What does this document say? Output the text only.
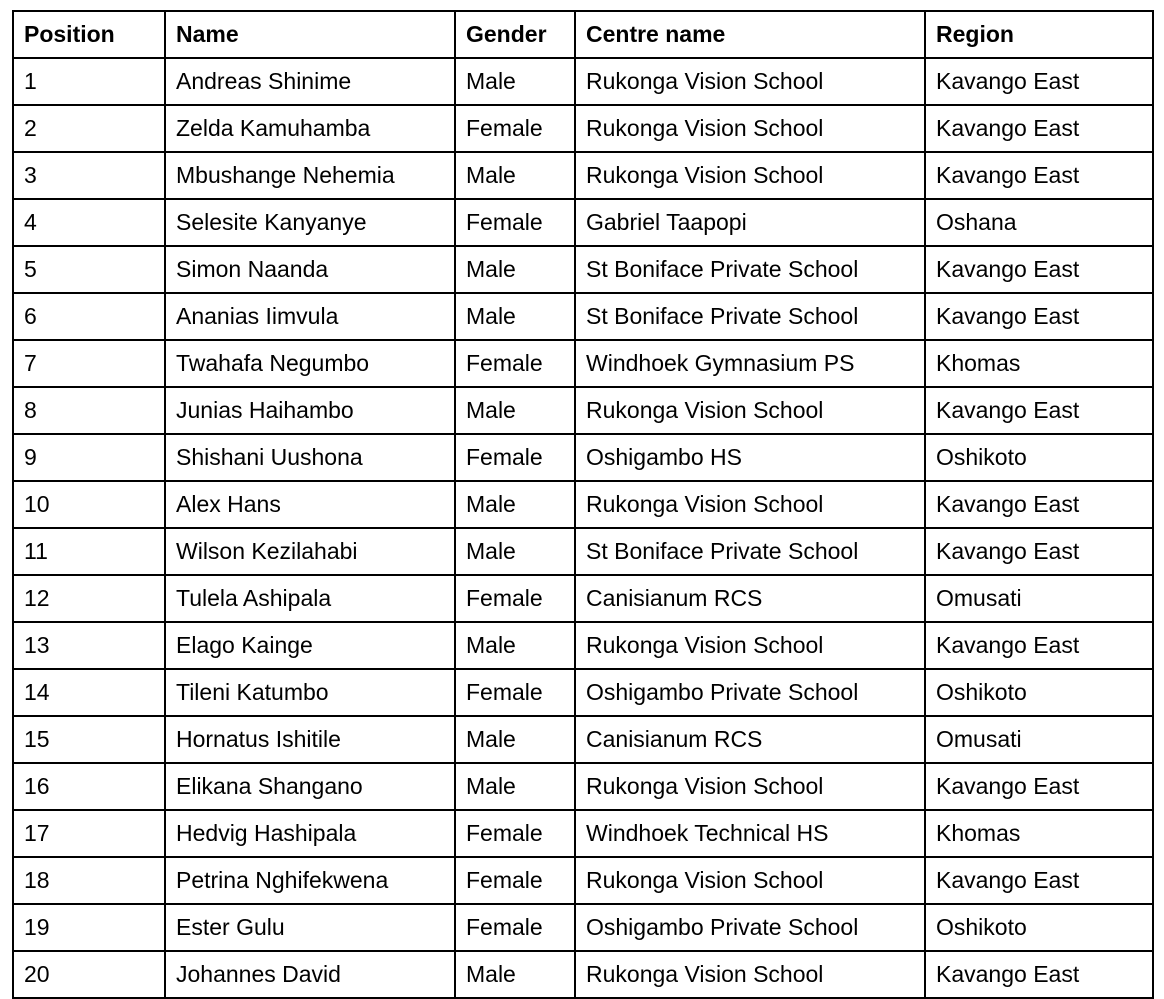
Position	Name	Gender	Centre name	Region
1	Andreas Shinime	Male	Rukonga Vision School	Kavango East
2	Zelda Kamuhamba	Female	Rukonga Vision School	Kavango East
3	Mbushange Nehemia	Male	Rukonga Vision School	Kavango East
4	Selesite Kanyanye	Female	Gabriel Taapopi	Oshana
5	Simon Naanda	Male	St Boniface Private School	Kavango East
6	Ananias Iimvula	Male	St Boniface Private School	Kavango East
7	Twahafa Negumbo	Female	Windhoek Gymnasium PS	Khomas
8	Junias Haihambo	Male	Rukonga Vision School	Kavango East
9	Shishani Uushona	Female	Oshigambo HS	Oshikoto
10	Alex Hans	Male	Rukonga Vision School	Kavango East
11	Wilson Kezilahabi	Male	St Boniface Private School	Kavango East
12	Tulela Ashipala	Female	Canisianum RCS	Omusati
13	Elago Kainge	Male	Rukonga Vision School	Kavango East
14	Tileni Katumbo	Female	Oshigambo Private School	Oshikoto
15	Hornatus Ishitile	Male	Canisianum RCS	Omusati
16	Elikana Shangano	Male	Rukonga Vision School	Kavango East
17	Hedvig Hashipala	Female	Windhoek Technical HS	Khomas
18	Petrina Nghifekwena	Female	Rukonga Vision School	Kavango East
19	Ester Gulu	Female	Oshigambo Private School	Oshikoto
20	Johannes David	Male	Rukonga Vision School	Kavango East
